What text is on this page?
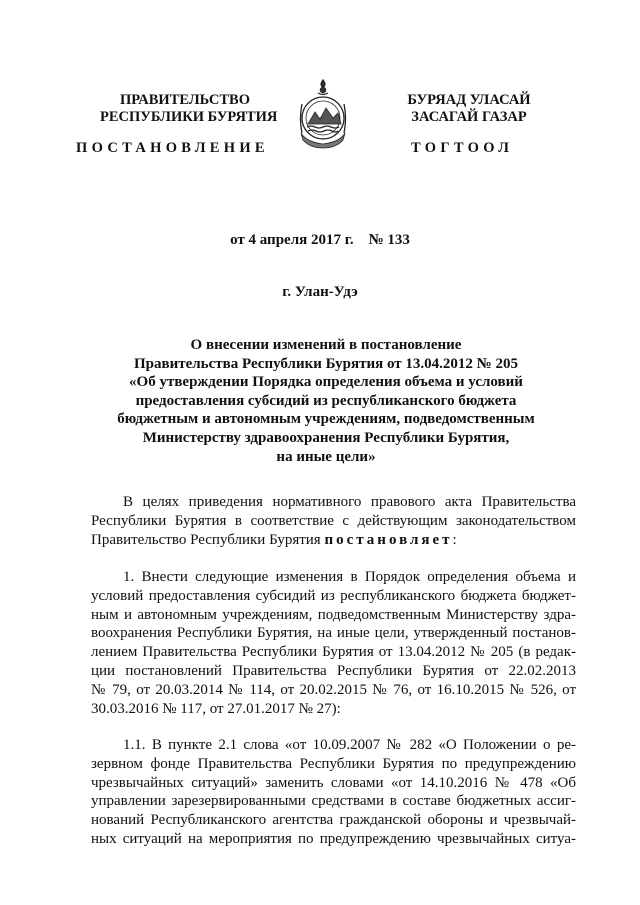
ПРАВИТЕЛЬСТВО
РЕСПУБЛИКИ БУРЯТИЯ
БУРЯАД УЛАСАЙ
ЗАСАГАЙ ГАЗАР
ПОСТАНОВЛЕНИЕ	ТОГТООЛ
от 4 апреля 2017 г.    № 133
г. Улан-Удэ
О внесении изменений в постановление
Правительства Республики Бурятия от 13.04.2012 № 205
«Об утверждении Порядка определения объема и условий
предоставления субсидий из республиканского бюджета
бюджетным и автономным учреждениям, подведомственным
Министерству здравоохранения Республики Бурятия,
на иные цели»
В целях приведения нормативного правового акта Правительства
Республики Бурятия в соответствие с действующим законодательством
Правительство Республики Бурятия постановляет:
1. Внести следующие изменения в Порядок определения объема и
условий предоставления субсидий из республиканского бюджета бюджет-
ным и автономным учреждениям, подведомственным Министерству здра-
воохранения Республики Бурятия, на иные цели, утвержденный постанов-
лением Правительства Республики Бурятия от 13.04.2012 № 205 (в редак-
ции постановлений Правительства Республики Бурятия от 22.02.2013
№ 79, от 20.03.2014 № 114, от 20.02.2015 № 76, от 16.10.2015 № 526, от
30.03.2016 № 117, от 27.01.2017 № 27):
1.1. В пункте 2.1 слова «от 10.09.2007 № 282 «О Положении о ре-
зервном фонде Правительства Республики Бурятия по предупреждению
чрезвычайных ситуаций» заменить словами «от 14.10.2016 № 478 «Об
управлении зарезервированными средствами в составе бюджетных ассиг-
нований Республиканского агентства гражданской обороны и чрезвычай-
ных ситуаций на мероприятия по предупреждению чрезвычайных ситуа-
